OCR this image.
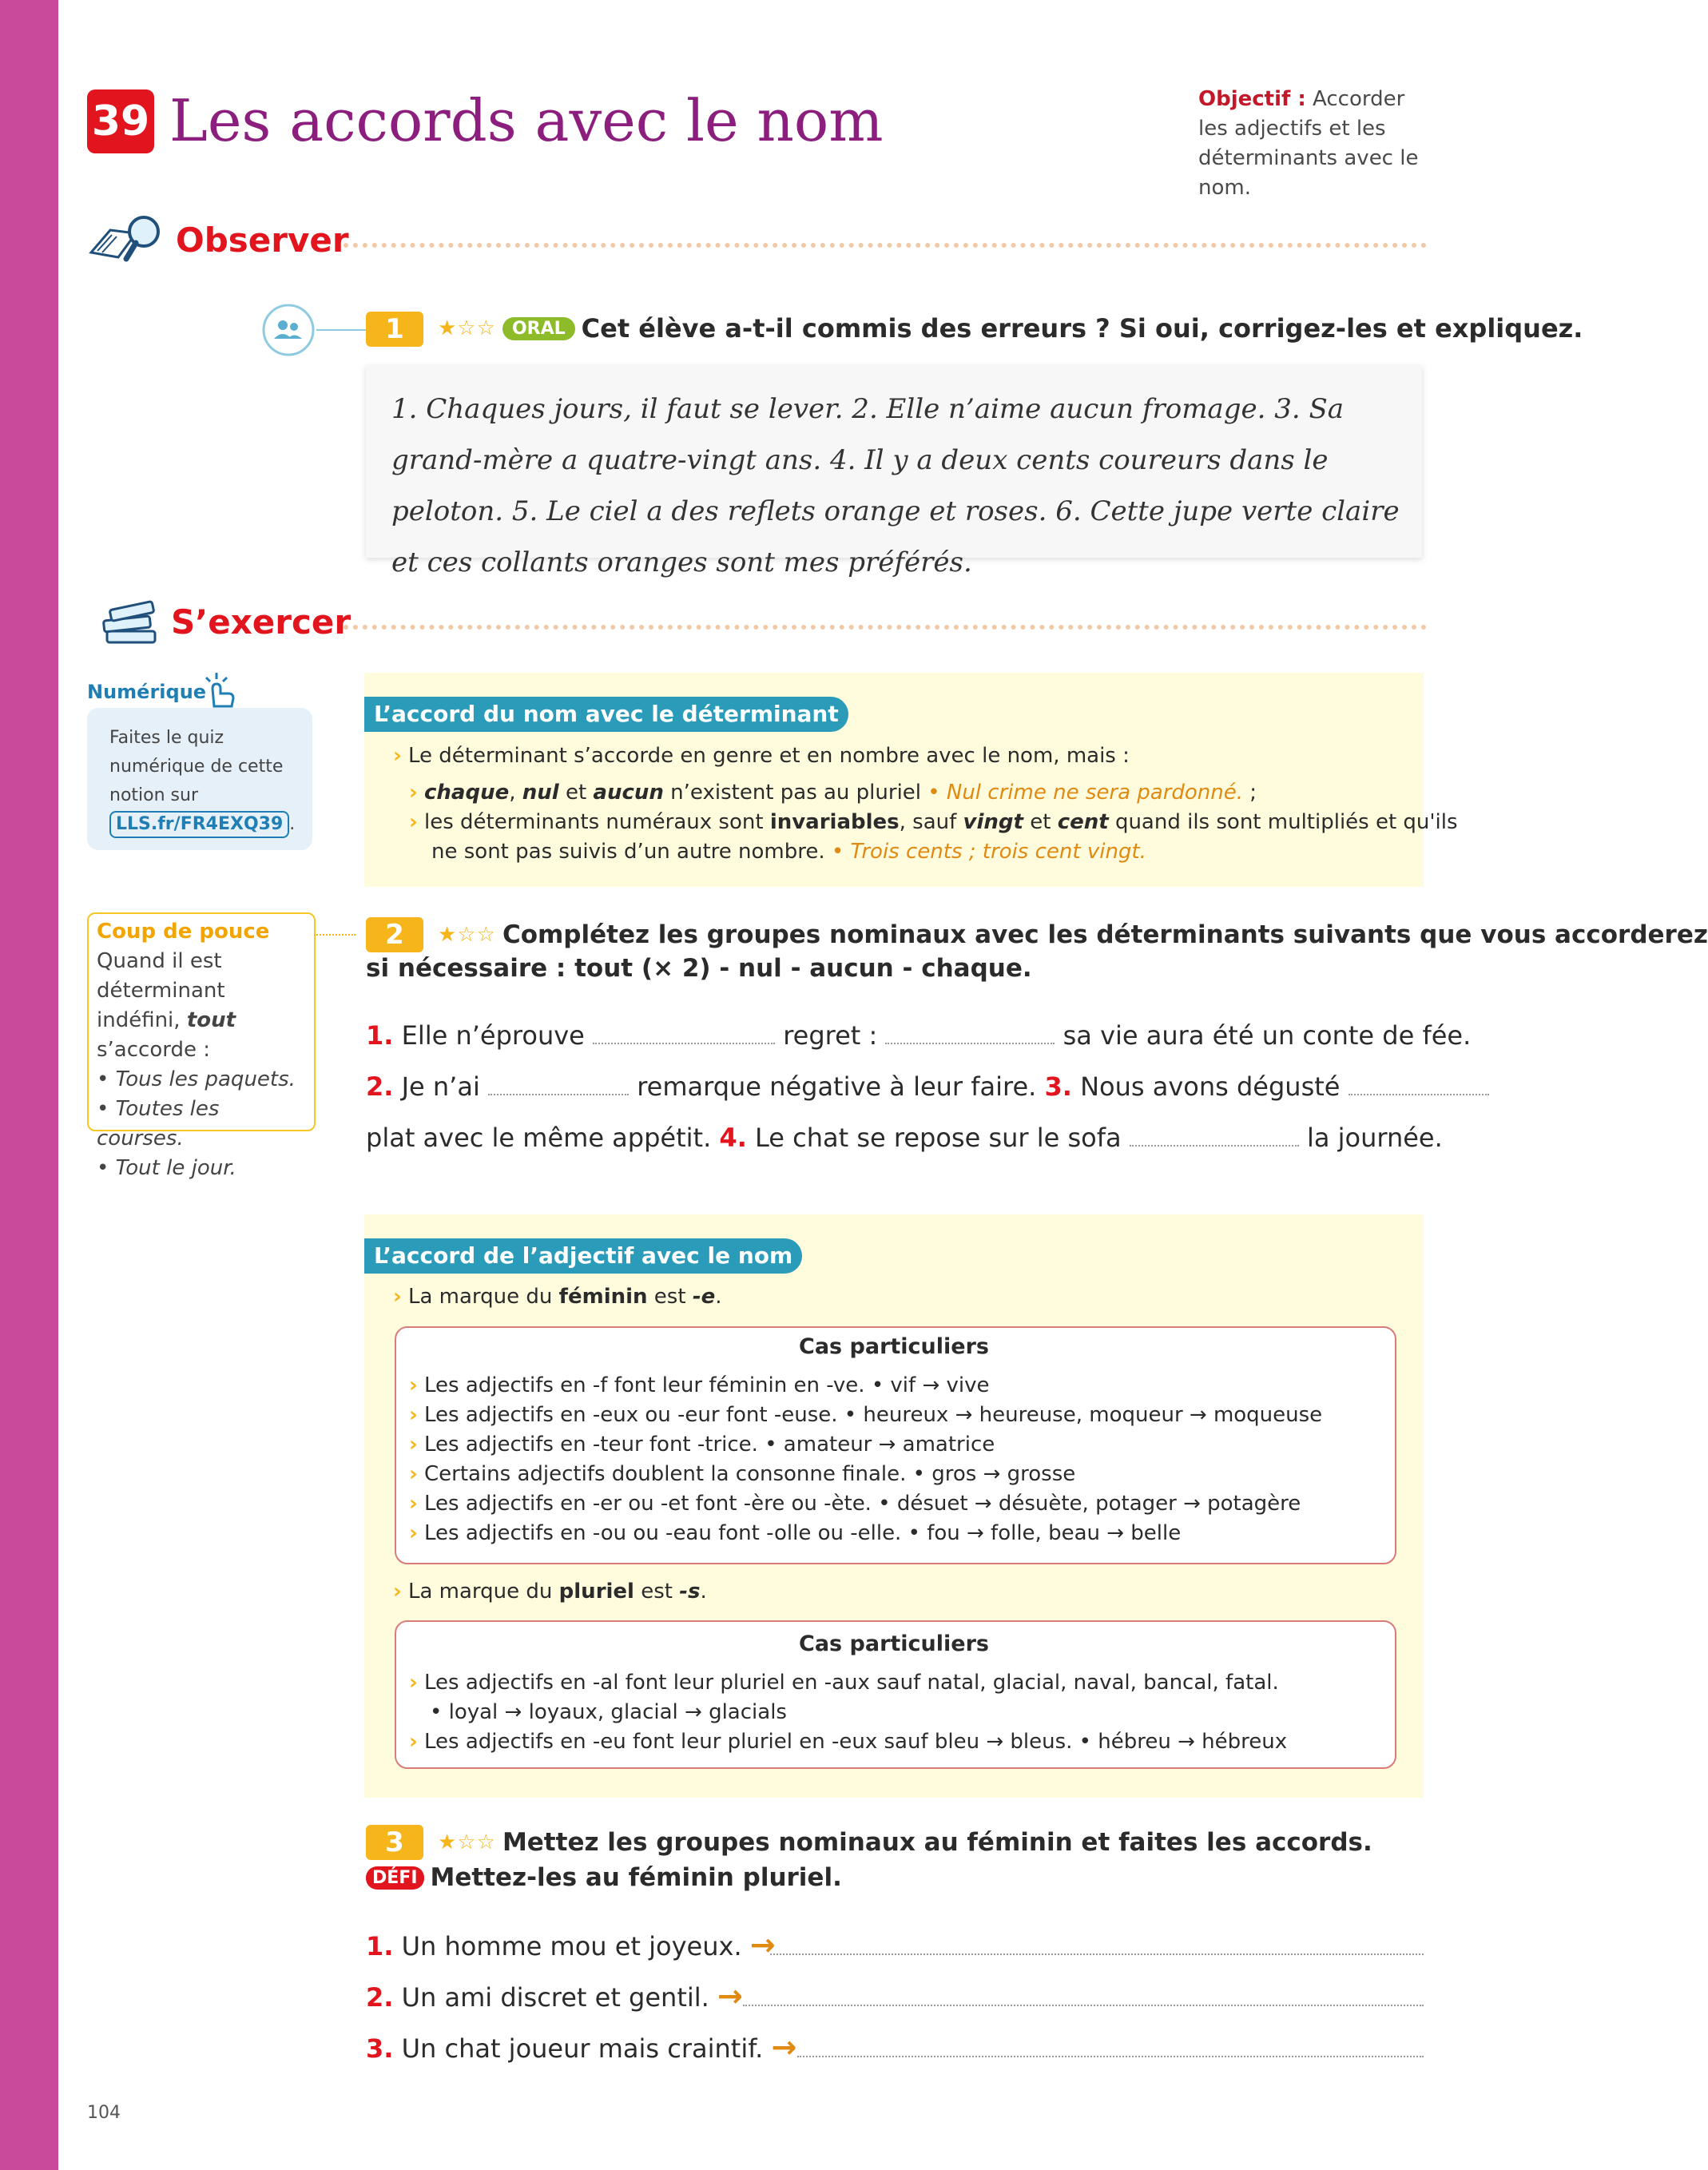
39 Les accords avec le nom	Objectif : Accorder les adjectifs et les déterminants avec le nom.
Observer
1	★☆☆ ORAL Cet élève a-t-il commis des erreurs ? Si oui, corrigez-les et expliquez.
1. Chaques jours, il faut se lever. 2. Elle n’aime aucun fromage. 3. Sa grand-mère a quatre-vingt ans. 4. Il y a deux cents coureurs dans le peloton. 5. Le ciel a des reflets orange et roses. 6. Cette jupe verte claire et ces collants oranges sont mes préférés.
S’exercer
Numérique
Faites le quiz numérique de cette notion sur LLS.fr/FR4EXQ39 .
L’accord du nom avec le déterminant
› Le déterminant s’accorde en genre et en nombre avec le nom, mais :
› chaque, nul et aucun n’existent pas au pluriel • Nul crime ne sera pardonné. ;
› les déterminants numéraux sont invariables, sauf vingt et cent quand ils sont multipliés et qu'ils
ne sont pas suivis d’un autre nombre. • Trois cents ; trois cent vingt.
Coup de pouce
Quand il est déterminant indéfini, tout s’accorde :
• Tous les paquets.
• Toutes les courses.
• Tout le jour.
2	★☆☆ Complétez les groupes nominaux avec les déterminants suivants que vous accorderez
si nécessaire : tout (× 2) - nul - aucun - chaque.
1. Elle n’éprouve	regret :	sa vie aura été un conte de fée.
2. Je n’ai	remarque négative à leur faire. 3. Nous avons dégusté
plat avec le même appétit. 4. Le chat se repose sur le sofa	la journée.
L’accord de l’adjectif avec le nom
› La marque du féminin est -e.
Cas particuliers
› Les adjectifs en -f font leur féminin en -ve. • vif → vive
› Les adjectifs en -eux ou -eur font -euse. • heureux → heureuse, moqueur → moqueuse
› Les adjectifs en -teur font -trice. • amateur → amatrice
› Certains adjectifs doublent la consonne finale. • gros → grosse
› Les adjectifs en -er ou -et font -ère ou -ète. • désuet → désuète, potager → potagère
› Les adjectifs en -ou ou -eau font -olle ou -elle. • fou → folle, beau → belle
› La marque du pluriel est -s.
Cas particuliers
› Les adjectifs en -al font leur pluriel en -aux sauf natal, glacial, naval, bancal, fatal.
• loyal → loyaux, glacial → glacials
› Les adjectifs en -eu font leur pluriel en -eux sauf bleu → bleus. • hébreu → hébreux
3	★☆☆ Mettez les groupes nominaux au féminin et faites les accords.
DÉFI Mettez-les au féminin pluriel.
1. Un homme mou et joyeux. →
2. Un ami discret et gentil. →
3. Un chat joueur mais craintif. →
104
